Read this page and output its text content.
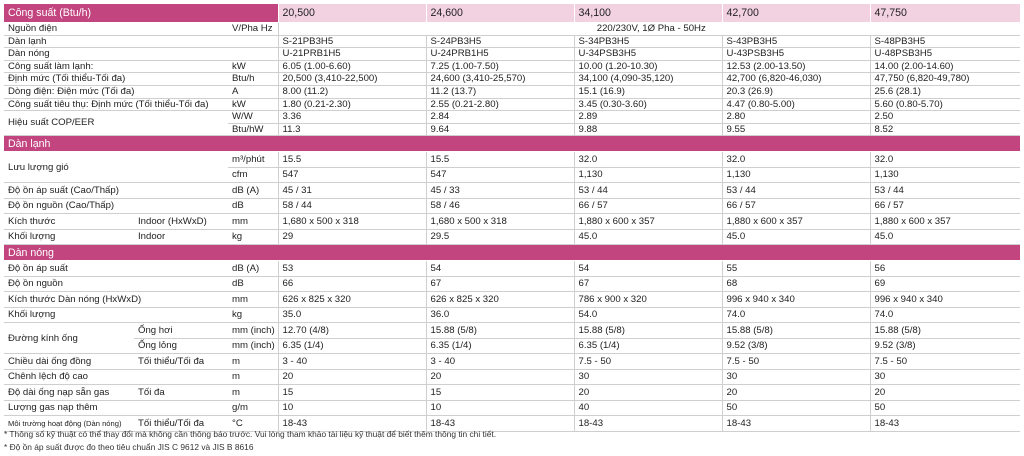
Công suất (Btu/h)			20,500	24,600	34,100	42,700	47,750
Nguồn điện		V/Pha Hz	220/230V, 1Ø Pha - 50Hz				
Dàn lạnh			S-21PB3H5	S-24PB3H5	S-34PB3H5	S-43PB3H5	S-48PB3H5
Dàn nóng			U-21PRB1H5	U-24PRB1H5	U-34PSB3H5	U-43PSB3H5	U-48PSB3H5
Công suất làm lạnh:		kW	6.05 (1.00-6.60)	7.25 (1.00-7.50)	10.00 (1.20-10.30)	12.53 (2.00-13.50)	14.00 (2.00-14.60)
Định mức (Tối thiểu-Tối đa)		Btu/h	20,500 (3,410-22,500)	24,600 (3,410-25,570)	34,100 (4,090-35,120)	42,700 (6,820-46,030)	47,750 (6,820-49,780)
Dòng điện: Điện mức (Tối đa)		A	8.00 (11.2)	11.2 (13.7)	15.1 (16.9)	20.3 (26.9)	25.6 (28.1)
Công suất tiêu thụ: Định mức (Tối thiểu-Tối đa)		kW	1.80 (0.21-2.30)	2.55 (0.21-2.80)	3.45 (0.30-3.60)	4.47 (0.80-5.00)	5.60 (0.80-5.70)
Hiệu suất COP/EER		W/W	3.36	2.84	2.89	2.80	2.50
		Btu/hW	11.3	9.64	9.88	9.55	8.52
Dàn lạnh							
Lưu lượng gió		m³/phút	15.5	15.5	32.0	32.0	32.0
		cfm	547	547	1,130	1,130	1,130
Độ ồn áp suất (Cao/Thấp)		dB (A)	45 / 31	45 / 33	53 / 44	53 / 44	53 / 44
Độ ồn nguồn (Cao/Thấp)		dB	58 / 44	58 / 46	66 / 57	66 / 57	66 / 57
Kích thước	Indoor (HxWxD)	mm	1,680 x 500 x 318	1,680 x 500 x 318	1,880 x 600 x 357	1,880 x 600 x 357	1,880 x 600 x 357
Khối lượng	Indoor	kg	29	29.5	45.0	45.0	45.0
Dàn nóng							
Độ ồn áp suất		dB (A)	53	54	54	55	56
Độ ồn nguồn		dB	66	67	67	68	69
Kích thước Dàn nóng (HxWxD)		mm	626 x 825 x 320	626 x 825 x 320	786 x 900 x 320	996 x 940 x 340	996 x 940 x 340
Khối lượng		kg	35.0	36.0	54.0	74.0	74.0
Đường kính ống	Ống hơi	mm (inch)	12.70 (4/8)	15.88 (5/8)	15.88 (5/8)	15.88 (5/8)	15.88 (5/8)
	Ống lỏng	mm (inch)	6.35 (1/4)	6.35 (1/4)	6.35 (1/4)	9.52 (3/8)	9.52 (3/8)
Chiều dài ống đồng	Tối thiểu/Tối đa	m	3 - 40	3 - 40	7.5 - 50	7.5 - 50	7.5 - 50
Chênh lệch độ cao		m	20	20	30	30	30
Độ dài ống nạp sẵn gas	Tối đa	m	15	15	20	20	20
Lượng gas nạp thêm		g/m	10	10	40	50	50
Môi trường hoạt động (Dàn nóng)	Tối thiểu/Tối đa	°C	18-43	18-43	18-43	18-43	18-43
* Thông số kỹ thuật có thể thay đổi mà không cần thông báo trước. Vui lòng tham khảo tài liệu kỹ thuật để biết thêm thông tin chi tiết.
* Độ ồn áp suất được đo theo tiêu chuẩn JIS C 9612 và JIS B 8616
